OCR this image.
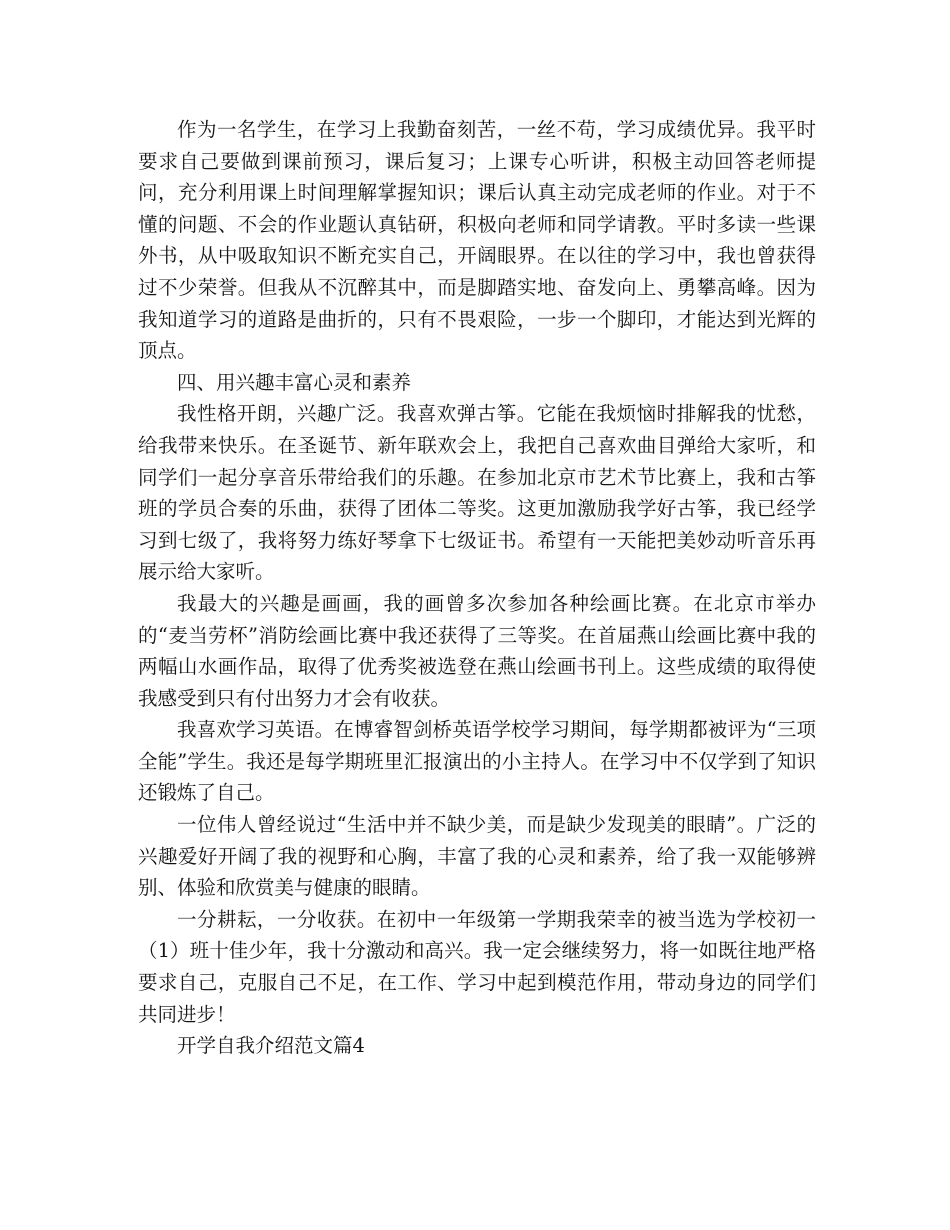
作为一名学生，在学习上我勤奋刻苦，一丝不苟，学习成绩优异。我平时要求自己要做到课前预习，课后复习；上课专心听讲，积极主动回答老师提问，充分利用课上时间理解掌握知识；课后认真主动完成老师的作业。对于不懂的问题、不会的作业题认真钻研，积极向老师和同学请教。平时多读一些课外书，从中吸取知识不断充实自己，开阔眼界。在以往的学习中，我也曾获得过不少荣誉。但我从不沉醉其中，而是脚踏实地、奋发向上、勇攀高峰。因为我知道学习的道路是曲折的，只有不畏艰险，一步一个脚印，才能达到光辉的顶点。

四、用兴趣丰富心灵和素养

我性格开朗，兴趣广泛。我喜欢弹古筝。它能在我烦恼时排解我的忧愁，给我带来快乐。在圣诞节、新年联欢会上，我把自己喜欢曲目弹给大家听，和同学们一起分享音乐带给我们的乐趣。在参加北京市艺术节比赛上，我和古筝班的学员合奏的乐曲，获得了团体二等奖。这更加激励我学好古筝，我已经学习到七级了，我将努力练好琴拿下七级证书。希望有一天能把美妙动听音乐再展示给大家听。

我最大的兴趣是画画，我的画曾多次参加各种绘画比赛。在北京市举办的“麦当劳杯”消防绘画比赛中我还获得了三等奖。在首届燕山绘画比赛中我的两幅山水画作品，取得了优秀奖被选登在燕山绘画书刊上。这些成绩的取得使我感受到只有付出努力才会有收获。

我喜欢学习英语。在博睿智剑桥英语学校学习期间，每学期都被评为“三项全能”学生。我还是每学期班里汇报演出的小主持人。在学习中不仅学到了知识还锻炼了自己。

一位伟人曾经说过“生活中并不缺少美，而是缺少发现美的眼睛”。广泛的兴趣爱好开阔了我的视野和心胸，丰富了我的心灵和素养，给了我一双能够辨别、体验和欣赏美与健康的眼睛。

一分耕耘，一分收获。在初中一年级第一学期我荣幸的被当选为学校初一（1）班十佳少年，我十分激动和高兴。我一定会继续努力，将一如既往地严格要求自己，克服自己不足，在工作、学习中起到模范作用，带动身边的同学们共同进步！

开学自我介绍范文篇4
